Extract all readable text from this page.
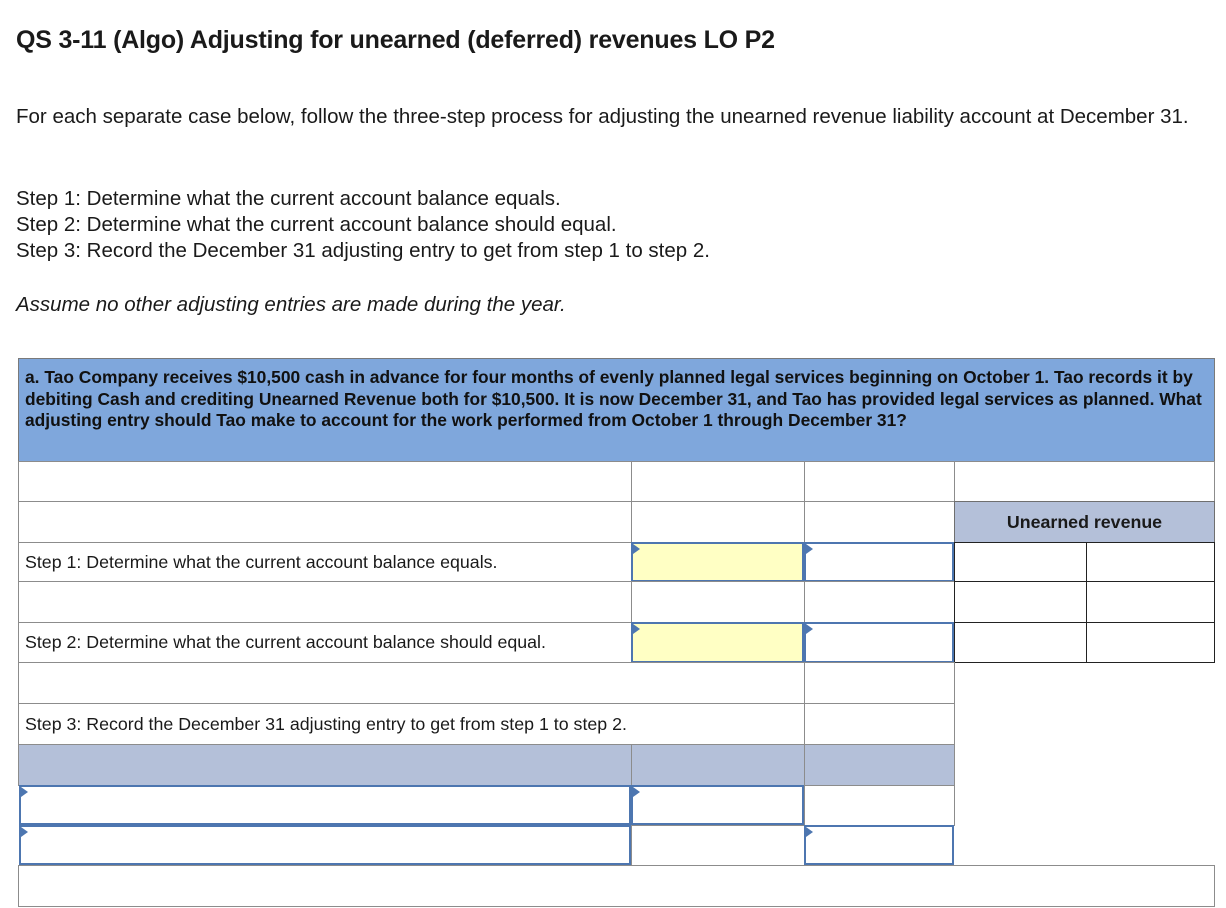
QS 3-11 (Algo) Adjusting for unearned (deferred) revenues LO P2
For each separate case below, follow the three-step process for adjusting the unearned revenue liability account at December 31.
Step 1: Determine what the current account balance equals.
Step 2: Determine what the current account balance should equal.
Step 3: Record the December 31 adjusting entry to get from step 1 to step 2.
Assume no other adjusting entries are made during the year.
a. Tao Company receives $10,500 cash in advance for four months of evenly planned legal services beginning on October 1. Tao records it by debiting Cash and crediting Unearned Revenue both for $10,500. It is now December 31, and Tao has provided legal services as planned. What adjusting entry should Tao make to account for the work performed from October 1 through December 31?
Unearned revenue
Step 1: Determine what the current account balance equals.
Step 2: Determine what the current account balance should equal.
Step 3: Record the December 31 adjusting entry to get from step 1 to step 2.
